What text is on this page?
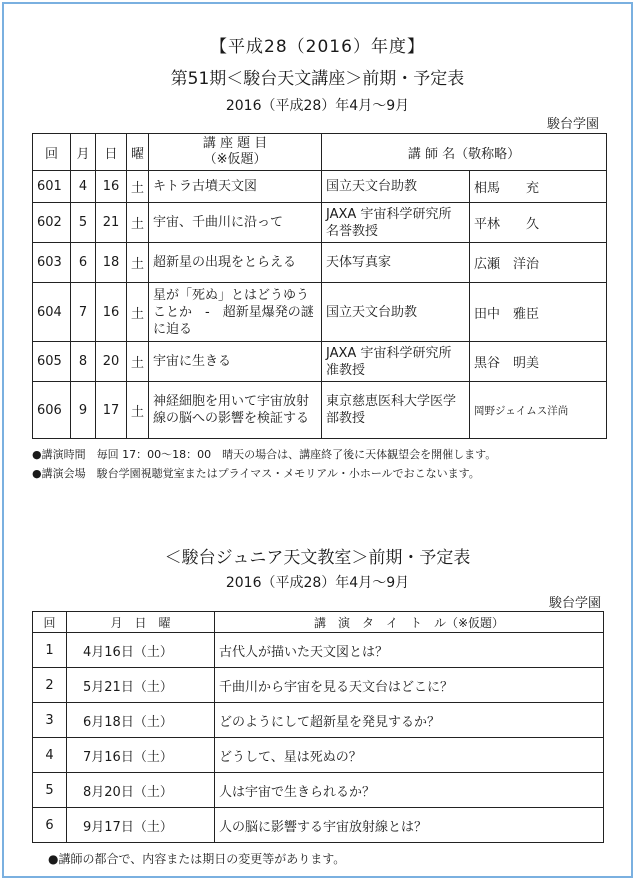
【平成28（2016）年度】
第51期＜駿台天文講座＞前期・予定表
2016（平成28）年4月～9月
駿台学園
回	月	日	曜	講 座 題 目
（※仮題）	講 師 名（敬称略）	
601	4	16	土	キトラ古墳天文図	国立天文台助教	相馬　　充
602	5	21	土	宇宙、千曲川に沿って	JAXA 宇宙科学研究所 名誉教授	平林　　久
603	6	18	土	超新星の出現をとらえる	天体写真家	広瀬　洋治
604	7	16	土	星が「死ぬ」とはどうゆうことか　-　超新星爆発の謎に迫る	国立天文台助教	田中　雅臣
605	8	20	土	宇宙に生きる	JAXA 宇宙科学研究所 准教授	黒谷　明美
606	9	17	土	神経細胞を用いて宇宙放射線の脳への影響を検証する	東京慈恵医科大学医学部教授	岡野ジェイムス洋尚
●講演時間　毎回 17：00～18：00　晴天の場合は、講座終了後に天体観望会を開催します。
●講演会場　駿台学園視聴覚室またはプライマス・メモリアル・小ホールでおこないます。
＜駿台ジュニア天文教室＞前期・予定表
2016（平成28）年4月～9月
駿台学園
回	月　日　曜	講　演　タ　イ　ト　ル（※仮題）
1	4月16日（土）	古代人が描いた天文図とは？
2	5月21日（土）	千曲川から宇宙を見る天文台はどこに？
3	6月18日（土）	どのようにして超新星を発見するか？
4	7月16日（土）	どうして、星は死ぬの？
5	8月20日（土）	人は宇宙で生きられるか？
6	9月17日（土）	人の脳に影響する宇宙放射線とは？
●講師の都合で、内容または期日の変更等があります。
